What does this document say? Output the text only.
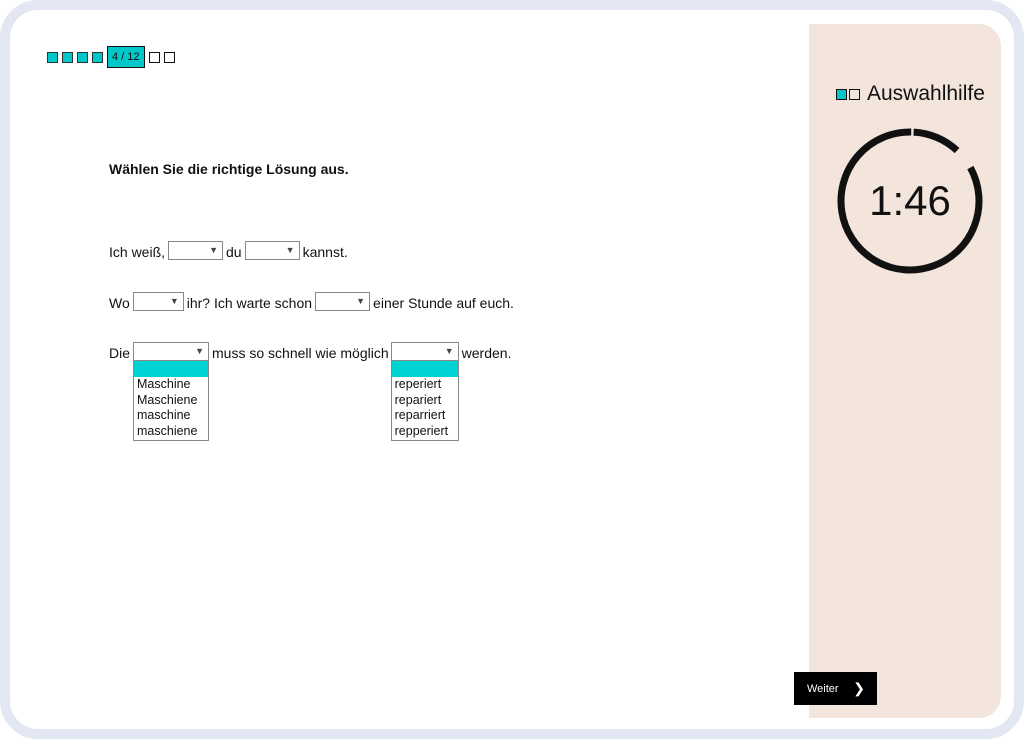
4 / 12
Wählen Sie die richtige Lösung aus.
Ich weiß,	▼ du	▼ kannst.
Wo	▼ ihr? Ich warte schon	▼ einer Stunde auf euch.
Die	▼
Maschine
Maschiene
maschine
maschiene
muss so schnell wie möglich	▼
reperiert
repariert
reparriert
repperiert
werden.
Auswahlhilfe
1:46
Weiter ❯
